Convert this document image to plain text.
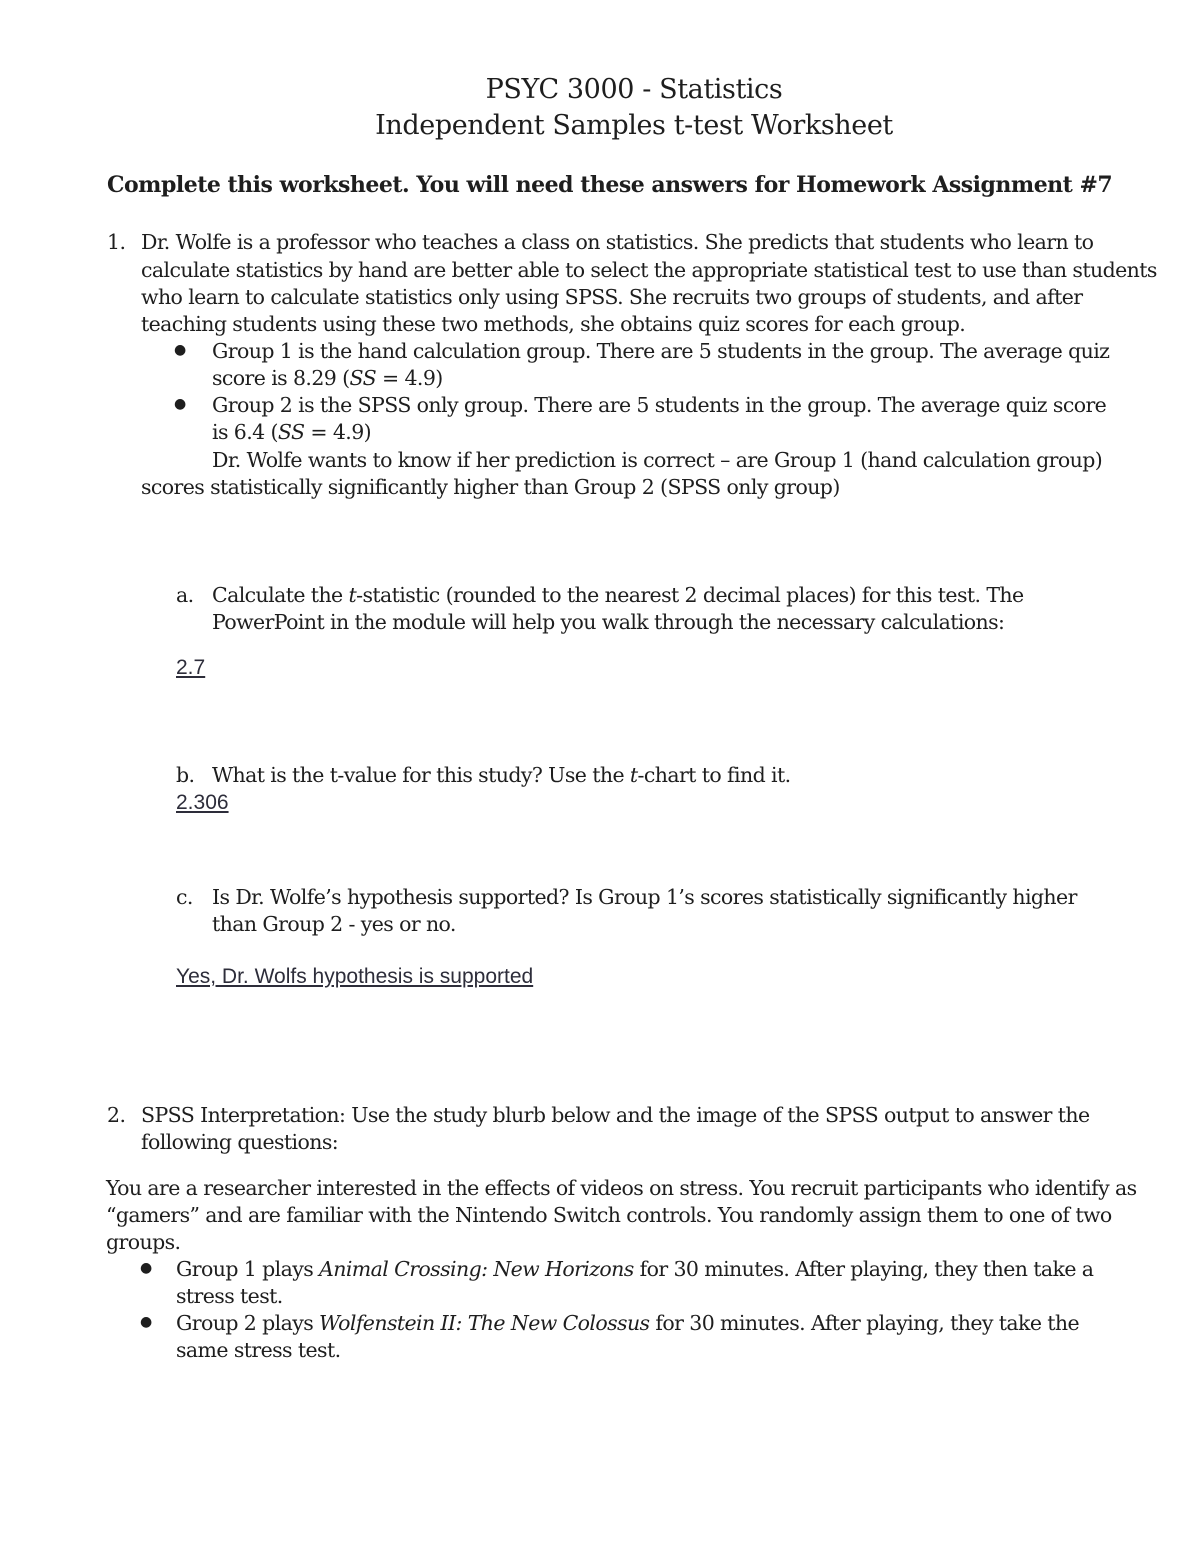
PSYC 3000 - Statistics
Independent Samples t-test Worksheet
Complete this worksheet. You will need these answers for Homework Assignment #7
1. Dr. Wolfe is a professor who teaches a class on statistics. She predicts that students who learn to
calculate statistics by hand are better able to select the appropriate statistical test to use than students
who learn to calculate statistics only using SPSS. She recruits two groups of students, and after
teaching students using these two methods, she obtains quiz scores for each group.
● Group 1 is the hand calculation group. There are 5 students in the group. The average quiz
score is 8.29 (SS = 4.9)
● Group 2 is the SPSS only group. There are 5 students in the group. The average quiz score
is 6.4 (SS = 4.9)
Dr. Wolfe wants to know if her prediction is correct – are Group 1 (hand calculation group)
scores statistically significantly higher than Group 2 (SPSS only group)
a. Calculate the t-statistic (rounded to the nearest 2 decimal places) for this test. The
PowerPoint in the module will help you walk through the necessary calculations:
2.7
b. What is the t-value for this study? Use the t-chart to find it.
2.306
c. Is Dr. Wolfe’s hypothesis supported? Is Group 1’s scores statistically significantly higher
than Group 2 - yes or no.
Yes, Dr. Wolfs hypothesis is supported
2. SPSS Interpretation: Use the study blurb below and the image of the SPSS output to answer the
following questions:
You are a researcher interested in the effects of videos on stress. You recruit participants who identify as
“gamers” and are familiar with the Nintendo Switch controls. You randomly assign them to one of two
groups.
● Group 1 plays Animal Crossing: New Horizons for 30 minutes. After playing, they then take a
stress test.
● Group 2 plays Wolfenstein II: The New Colossus for 30 minutes. After playing, they take the
same stress test.
